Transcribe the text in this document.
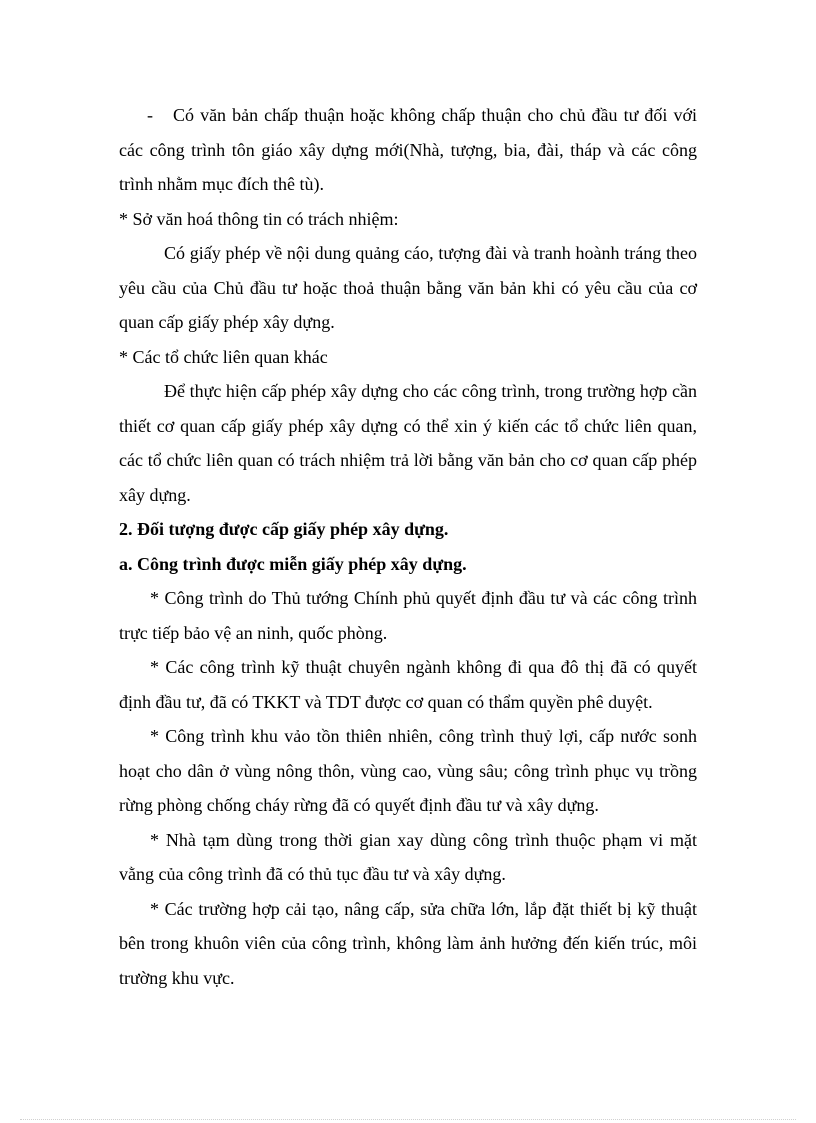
- Có văn bản chấp thuận hoặc không chấp thuận cho chủ đầu tư đối với các công trình tôn giáo xây dựng mới(Nhà, tượng, bia, đài, tháp và các công trình nhằm mục đích thê tù).

* Sở văn hoá thông tin có trách nhiệm:

Có giấy phép về nội dung quảng cáo, tượng đài và tranh hoành tráng theo yêu cầu của Chủ đầu tư hoặc thoả thuận bằng văn bản khi có yêu cầu của cơ quan cấp giấy phép xây dựng.

* Các tổ chức liên quan khác

Để thực hiện cấp phép xây dựng cho các công trình, trong trường hợp cần thiết cơ quan cấp giấy phép xây dựng có thể xin ý kiến các tổ chức liên quan, các tổ chức liên quan có trách nhiệm trả lời bằng văn bản cho cơ quan cấp phép xây dựng.

2. Đối tượng được cấp giấy phép xây dựng.

a. Công trình được miễn giấy phép xây dựng.

* Công trình do Thủ tướng Chính phủ quyết định đầu tư và các công trình trực tiếp bảo vệ an ninh, quốc phòng.

* Các công trình kỹ thuật chuyên ngành không đi qua đô thị đã có quyết định đầu tư, đã có TKKT và TDT được cơ quan có thẩm quyền phê duyệt.

* Công trình khu vảo tồn thiên nhiên, công trình thuỷ lợi, cấp nước sonh hoạt cho dân ở vùng nông thôn, vùng cao, vùng sâu; công trình phục vụ trồng rừng phòng chống cháy rừng đã có quyết định đầu tư và xây dựng.

* Nhà tạm dùng trong thời gian xay dùng công trình thuộc phạm vi mặt vằng của công trình đã có thủ tục đầu tư và xây dựng.

* Các trường hợp cải tạo, nâng cấp, sửa chữa lớn, lắp đặt thiết bị kỹ thuật bên trong khuôn viên của công trình, không làm ảnh hưởng đến kiến trúc, môi trường khu vực.
